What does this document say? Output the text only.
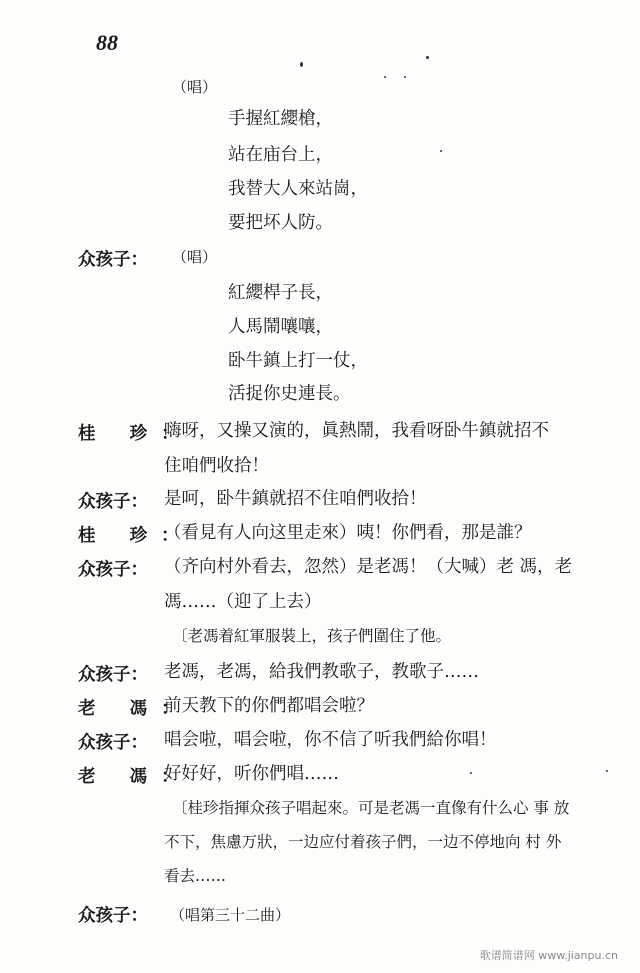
88
（唱）
手握紅纓槍，
站在庙台上，
我替大人來站崗，
要把坏人防。
众孩子： （唱）
紅纓桿子長，
人馬鬧嚷嚷，
卧牛鎮上打一仗，
活捉你史連長。
桂 珍：
嗨呀，又操又演的，眞熱鬧，我看呀卧牛鎮就招不
住咱們收拾！
众孩子： 是呵，卧牛鎮就招不住咱們收拾！
桂 珍：
（看見有人向这里走來）咦！你們看，那是誰？
众孩子： （齐向村外看去，忽然）是老馮！（大喊）老 馮，老
馮……（迎了上去）
〔老馮着紅軍服裝上，孩子們圍住了他。
众孩子： 老馮，老馮，給我們教歌子，教歌子……
老 馮：
前天教下的你們都唱会啦？
众孩子： 唱会啦，唱会啦，你不信了听我們給你唱！
老 馮：
好好好，听你們唱……
〔桂珍指揮众孩子唱起來。可是老馮一直像有什么心 事 放
不下，焦慮万狀，一边应付着孩子們，一边不停地向 村 外
看去……
众孩子： （唱第三十二曲）
歌谱简谱网 www.jianpu.cn
